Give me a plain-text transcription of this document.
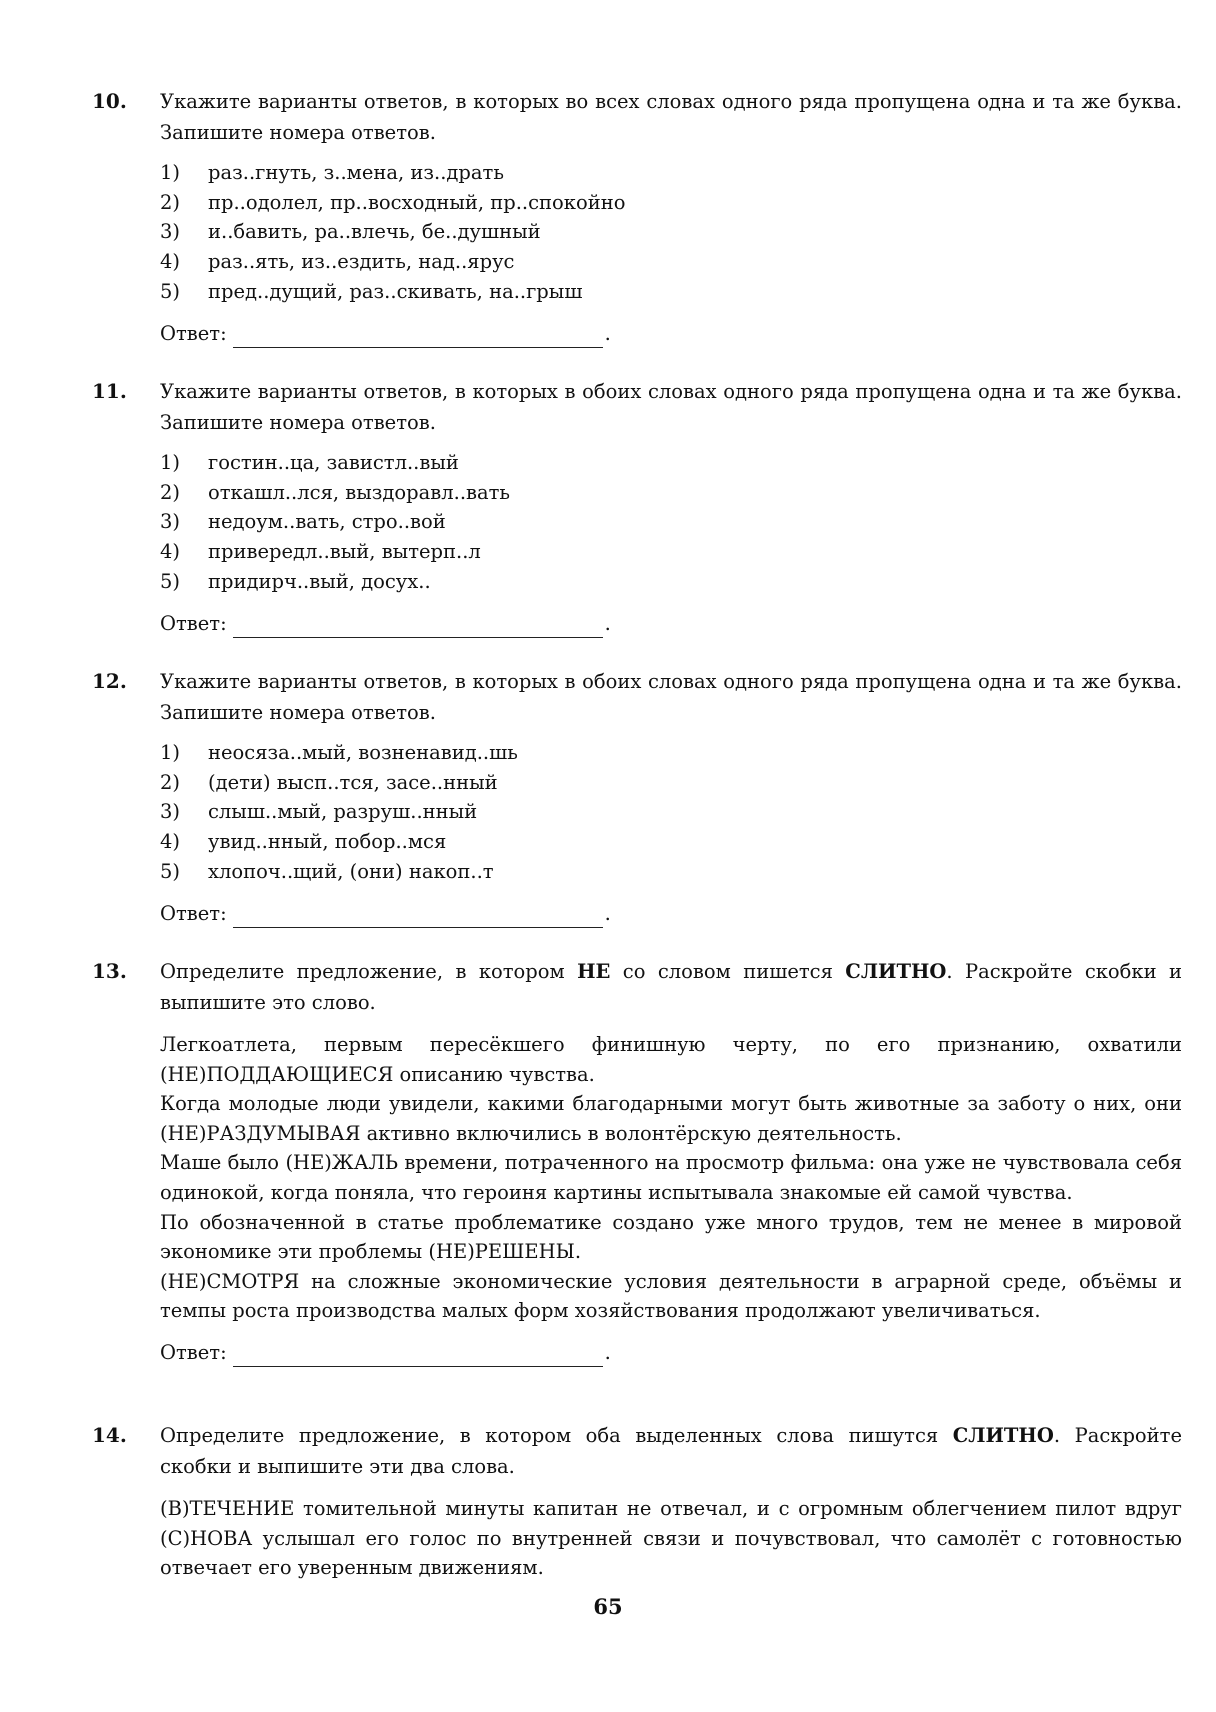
10. Укажите варианты ответов, в которых во всех словах одного ряда пропущена одна и та же буква. Запишите номера ответов.
1) раз..гнуть, з..мена, из..драть
2) пр..одолел, пр..восходный, пр..спокойно
3) и..бавить, ра..влечь, бе..душный
4) раз..ять, из..ездить, над..ярус
5) пред..дущий, раз..скивать, на..грыш
Ответ:	.
11. Укажите варианты ответов, в которых в обоих словах одного ряда пропущена одна и та же буква. Запишите номера ответов.
1) гостин..ца, завистл..вый
2) откашл..лся, выздоравл..вать
3) недоум..вать, стро..вой
4) привередл..вый, вытерп..л
5) придирч..вый, досух..
Ответ:	.
12. Укажите варианты ответов, в которых в обоих словах одного ряда пропущена одна и та же буква. Запишите номера ответов.
1) неосяза..мый, возненавид..шь
2) (дети) высп..тся, засе..нный
3) слыш..мый, разруш..нный
4) увид..нный, побор..мся
5) хлопоч..щий, (они) накоп..т
Ответ:	.
13. Определите предложение, в котором НЕ со словом пишется СЛИТНО. Раскройте скобки и выпишите это слово.

Легкоатлета, первым пересёкшего финишную черту, по его признанию, охватили (НЕ)ПОДДАЮЩИЕСЯ описанию чувства.

Когда молодые люди увидели, какими благодарными могут быть животные за заботу о них, они (НЕ)РАЗДУМЫВАЯ активно включились в волонтёрскую деятельность.

Маше было (НЕ)ЖАЛЬ времени, потраченного на просмотр фильма: она уже не чувствовала себя одинокой, когда поняла, что героиня картины испытывала знакомые ей самой чувства.

По обозначенной в статье проблематике создано уже много трудов, тем не менее в мировой экономике эти проблемы (НЕ)РЕШЕНЫ.

(НЕ)СМОТРЯ на сложные экономические условия деятельности в аграрной среде, объёмы и темпы роста производства малых форм хозяйствования продолжают увеличиваться.

Ответ:	.
14. Определите предложение, в котором оба выделенных слова пишутся СЛИТНО. Раскройте скобки и выпишите эти два слова.

(В)ТЕЧЕНИЕ томительной минуты капитан не отвечал, и с огромным облегчением пилот вдруг (С)НОВА услышал его голос по внутренней связи и почувствовал, что самолёт с готовностью отвечает его уверенным движениям.

65
